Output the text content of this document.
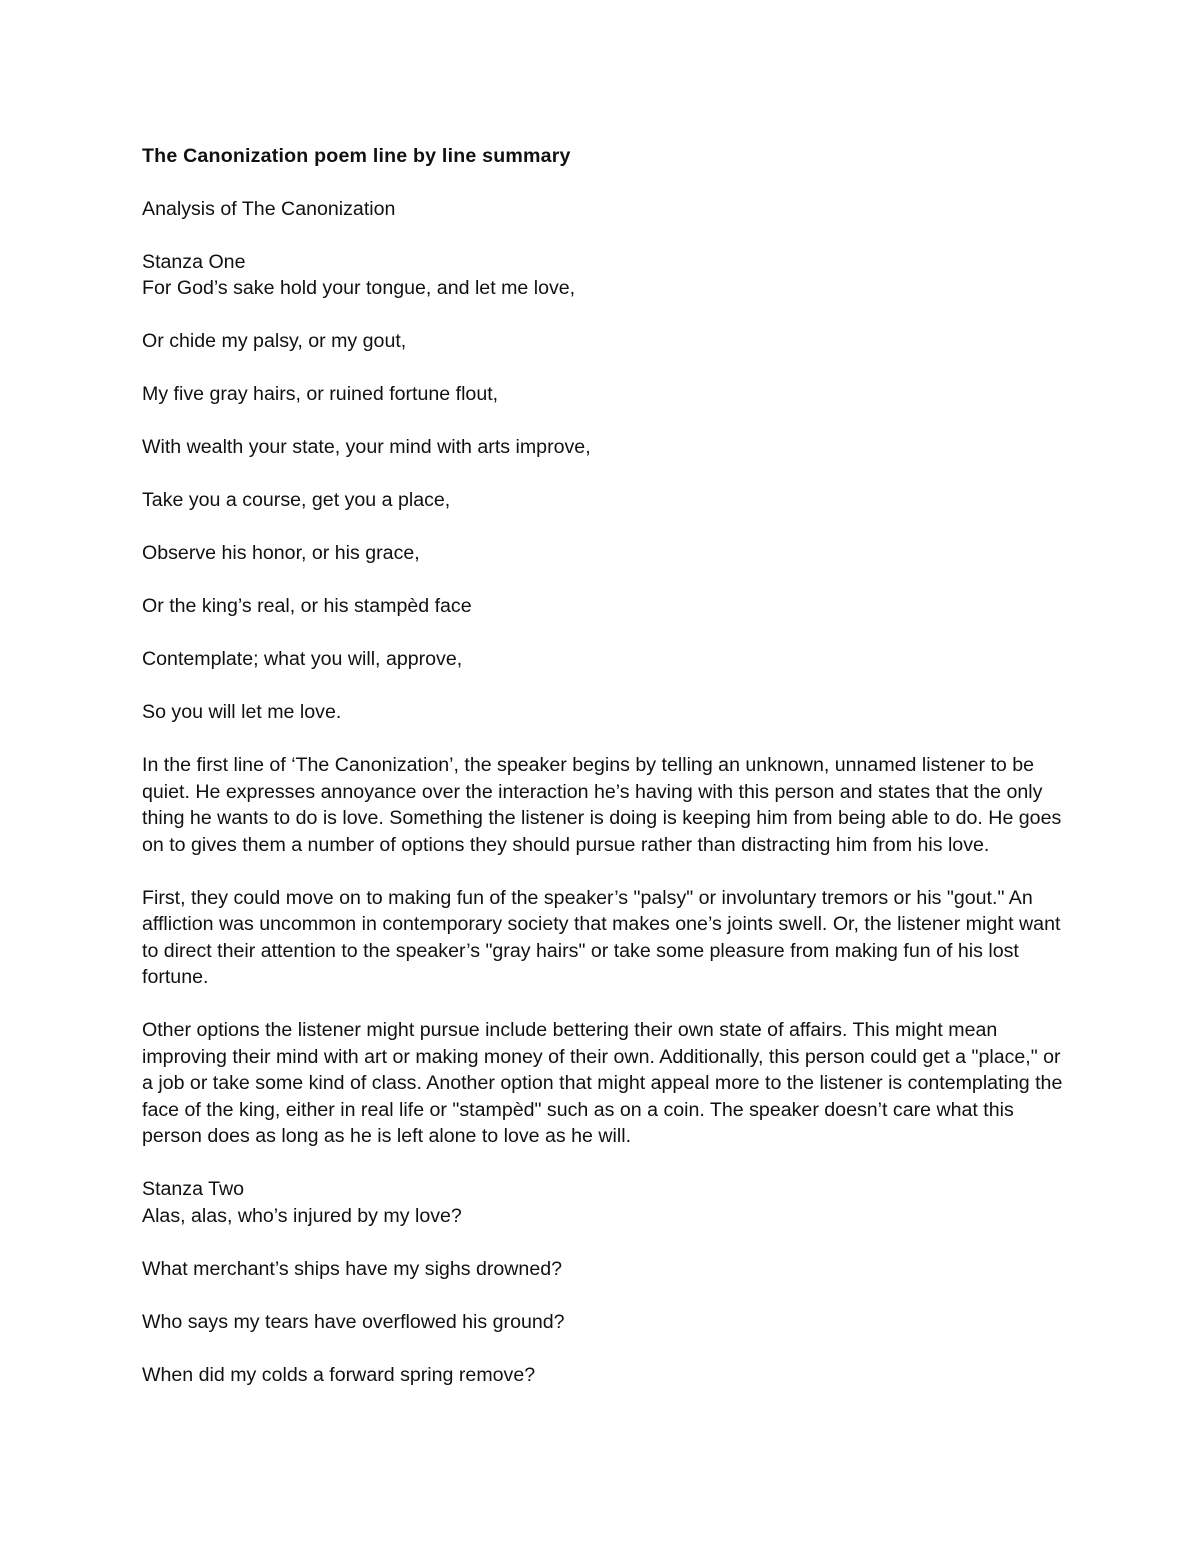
The Canonization poem line by line summary

Analysis of The Canonization

Stanza One

For God’s sake hold your tongue, and let me love,

Or chide my palsy, or my gout,

My five gray hairs, or ruined fortune flout,

With wealth your state, your mind with arts improve,

Take you a course, get you a place,

Observe his honor, or his grace,

Or the king’s real, or his stampèd face

Contemplate; what you will, approve,

So you will let me love.

In the first line of ‘The Canonization’, the speaker begins by telling an unknown, unnamed listener to be quiet. He expresses annoyance over the interaction he’s having with this person and states that the only thing he wants to do is love. Something the listener is doing is keeping him from being able to do. He goes on to gives them a number of options they should pursue rather than distracting him from his love.

First, they could move on to making fun of the speaker’s "palsy" or involuntary tremors or his "gout." An affliction was uncommon in contemporary society that makes one’s joints swell. Or, the listener might want to direct their attention to the speaker’s "gray hairs" or take some pleasure from making fun of his lost fortune.

Other options the listener might pursue include bettering their own state of affairs. This might mean improving their mind with art or making money of their own. Additionally, this person could get a "place," or a job or take some kind of class. Another option that might appeal more to the listener is contemplating the face of the king, either in real life or "stampèd" such as on a coin. The speaker doesn’t care what this person does as long as he is left alone to love as he will.

Stanza Two

Alas, alas, who’s injured by my love?

What merchant’s ships have my sighs drowned?

Who says my tears have overflowed his ground?

When did my colds a forward spring remove?
